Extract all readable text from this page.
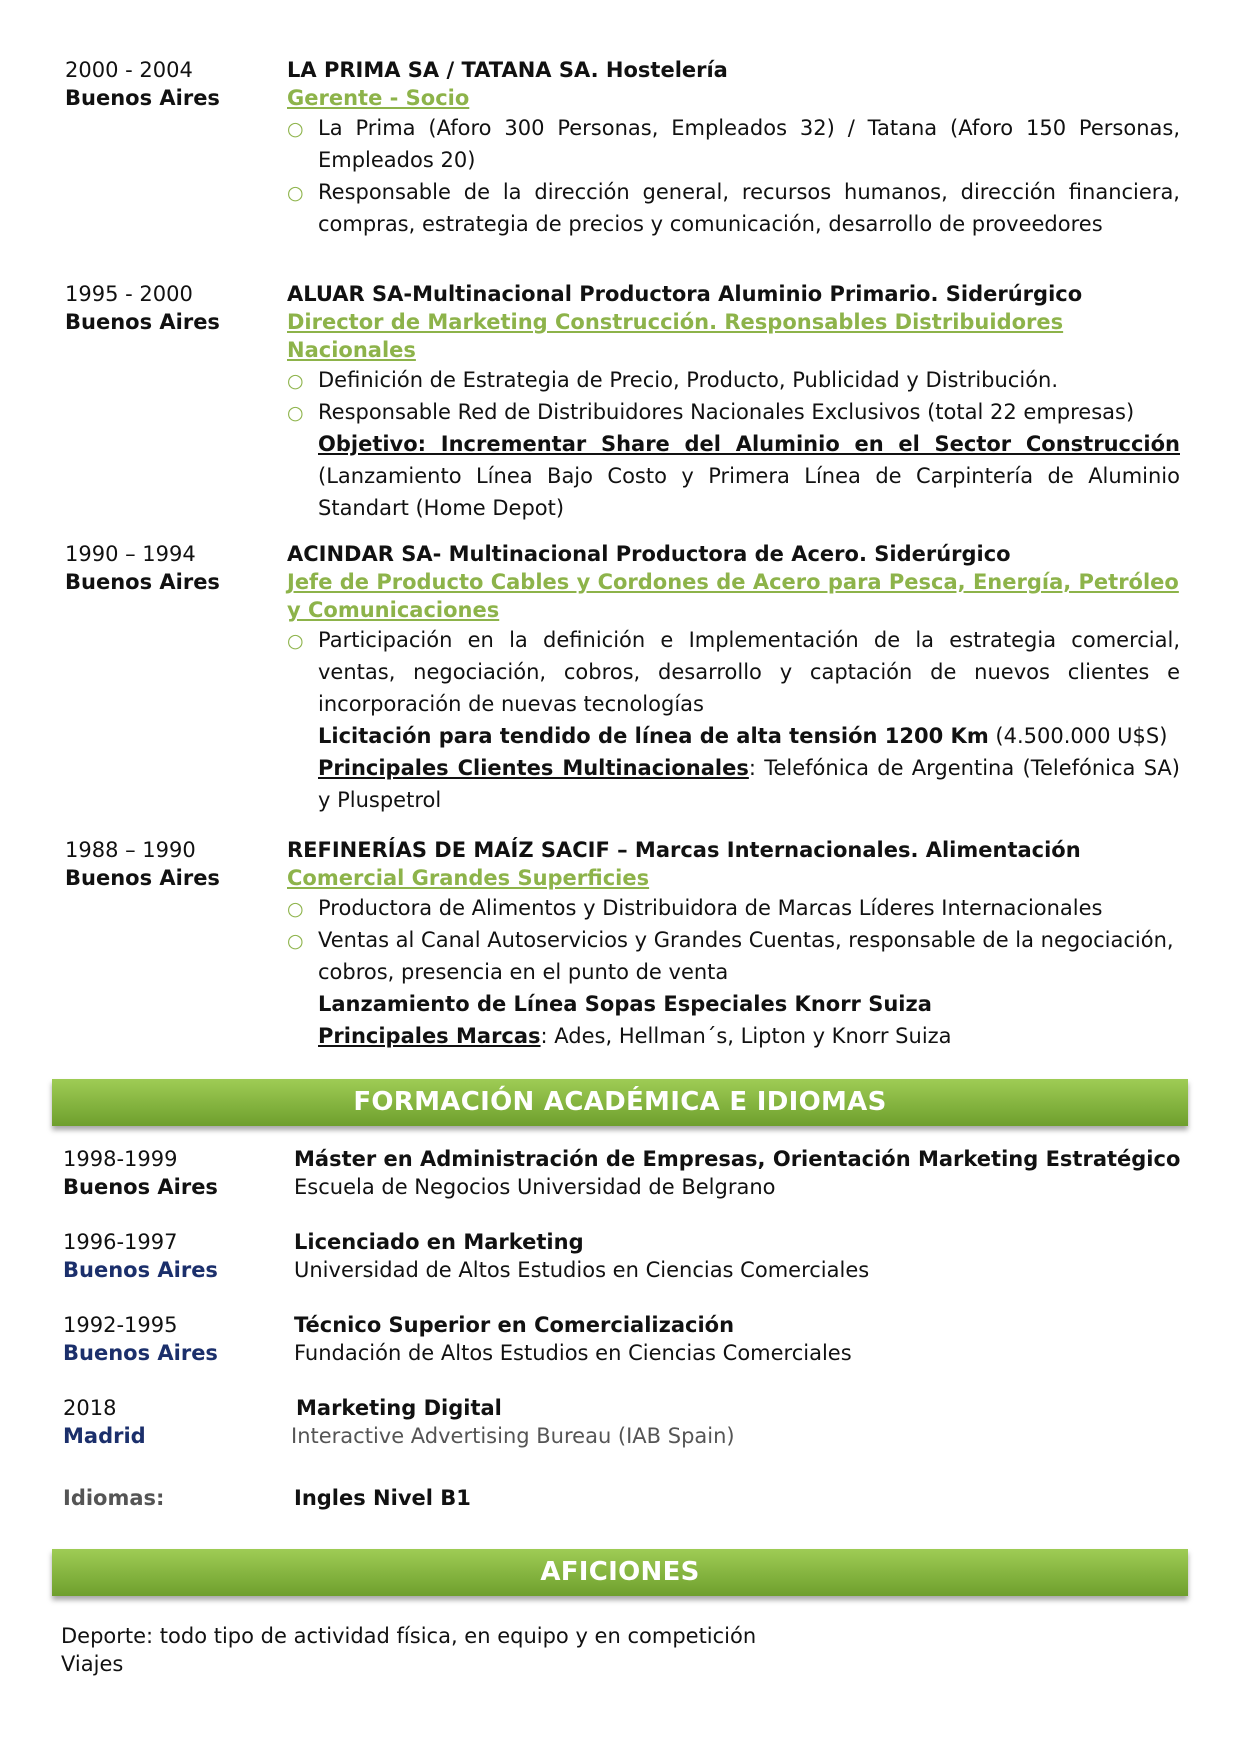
2000 - 2004
Buenos Aires
LA PRIMA SA / TATANA SA. Hostelería
Gerente - Socio
○ La Prima (Aforo 300 Personas, Empleados 32) / Tatana (Aforo 150 Personas, Empleados 20)
○ Responsable de la dirección general, recursos humanos, dirección financiera, compras, estrategia de precios y comunicación, desarrollo de proveedores
1995 - 2000
Buenos Aires
ALUAR SA-Multinacional Productora Aluminio Primario. Siderúrgico
Director de Marketing Construcción. Responsables Distribuidores Nacionales
○ Definición de Estrategia de Precio, Producto, Publicidad y Distribución.
○ Responsable Red de Distribuidores Nacionales Exclusivos (total 22 empresas)
Objetivo: Incrementar Share del Aluminio en el Sector Construcción
(Lanzamiento Línea Bajo Costo y Primera Línea de Carpintería de Aluminio Standart (Home Depot)
1990 – 1994
Buenos Aires
ACINDAR SA- Multinacional Productora de Acero. Siderúrgico
Jefe de Producto Cables y Cordones de Acero para Pesca, Energía, Petróleo y Comunicaciones
○ Participación en la definición e Implementación de la estrategia comercial, ventas, negociación, cobros, desarrollo y captación de nuevos clientes e incorporación de nuevas tecnologías
Licitación para tendido de línea de alta tensión 1200 Km (4.500.000 U$S)
Principales Clientes Multinacionales: Telefónica de Argentina (Telefónica SA) y Pluspetrol
1988 – 1990
Buenos Aires
REFINERÍAS DE MAÍZ SACIF – Marcas Internacionales. Alimentación
Comercial Grandes Superficies
○ Productora de Alimentos y Distribuidora de Marcas Líderes Internacionales
○ Ventas al Canal Autoservicios y Grandes Cuentas, responsable de la negociación, cobros, presencia en el punto de venta
Lanzamiento de Línea Sopas Especiales Knorr Suiza
Principales Marcas: Ades, Hellman´s, Lipton y Knorr Suiza
FORMACIÓN ACADÉMICA E IDIOMAS
1998-1999
Buenos Aires
Máster en Administración de Empresas, Orientación Marketing Estratégico
Escuela de Negocios Universidad de Belgrano
1996-1997
Buenos Aires
Licenciado en Marketing
Universidad de Altos Estudios en Ciencias Comerciales
1992-1995
Buenos Aires
Técnico Superior en Comercialización
Fundación de Altos Estudios en Ciencias Comerciales
2018
Madrid
Marketing Digital
Interactive Advertising Bureau (IAB Spain)
Idiomas:	Ingles Nivel B1
AFICIONES
Deporte: todo tipo de actividad física, en equipo y en competición
Viajes
